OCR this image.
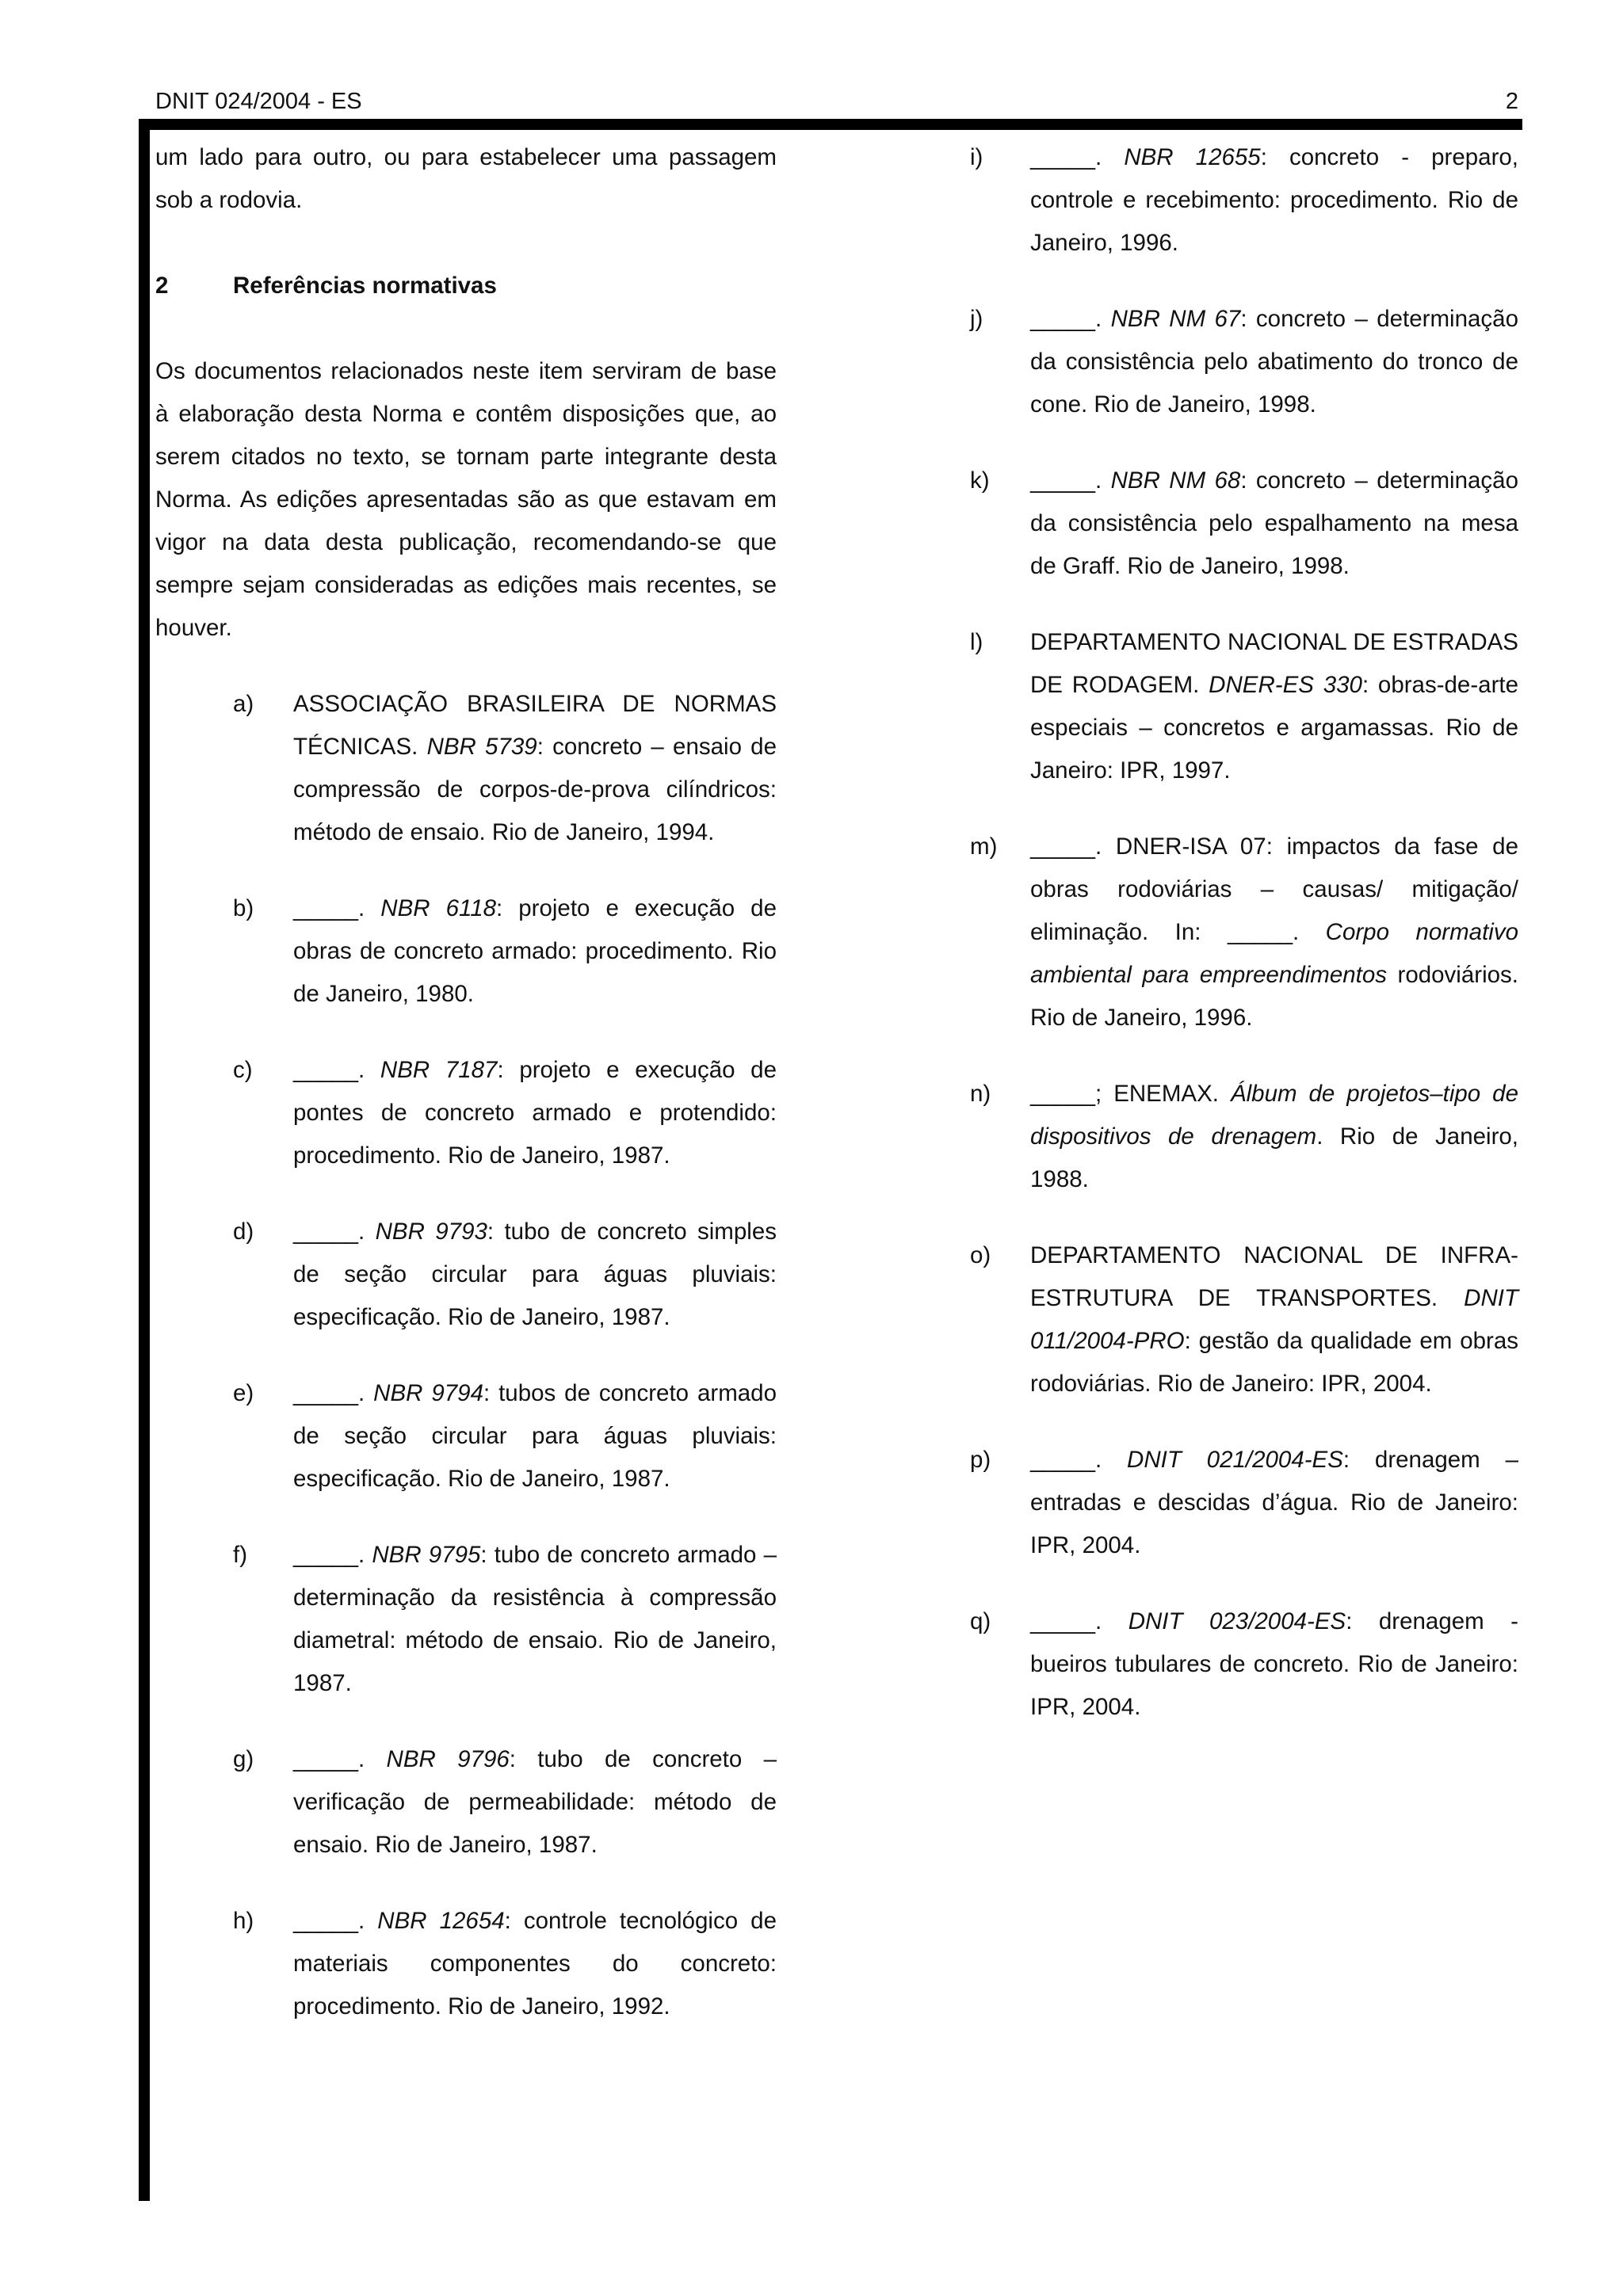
DNIT 024/2004 - ES	2

um lado para outro, ou para estabelecer uma passagem sob a rodovia.

2	Referências normativas

Os documentos relacionados neste item serviram de base à elaboração desta Norma e contêm disposições que, ao serem citados no texto, se tornam parte integrante desta Norma. As edições apresentadas são as que estavam em vigor na data desta publicação, recomendando-se que sempre sejam consideradas as edições mais recentes, se houver.

a)	ASSOCIAÇÃO BRASILEIRA DE NORMAS TÉCNICAS. NBR 5739: concreto – ensaio de compressão de corpos-de-prova cilíndricos: método de ensaio. Rio de Janeiro, 1994.
b)	_____. NBR 6118: projeto e execução de obras de concreto armado: procedimento. Rio de Janeiro, 1980.
c)	_____. NBR 7187: projeto e execução de pontes de concreto armado e protendido: procedimento. Rio de Janeiro, 1987.
d)	_____. NBR 9793: tubo de concreto simples de seção circular para águas pluviais: especificação. Rio de Janeiro, 1987.
e)	_____. NBR 9794: tubos de concreto armado de seção circular para águas pluviais: especificação. Rio de Janeiro, 1987.
f)	_____. NBR 9795: tubo de concreto armado – determinação da resistência à compressão diametral: método de ensaio. Rio de Janeiro, 1987.
g)	_____. NBR 9796: tubo de concreto – verificação de permeabilidade: método de ensaio. Rio de Janeiro, 1987.
h)	_____. NBR 12654: controle tecnológico de materiais componentes do concreto: procedimento. Rio de Janeiro, 1992.
i)	_____. NBR 12655: concreto - preparo, controle e recebimento: procedimento. Rio de Janeiro, 1996.
j)	_____. NBR NM 67: concreto – determinação da consistência pelo abatimento do tronco de cone. Rio de Janeiro, 1998.
k)	_____. NBR NM 68: concreto – determinação da consistência pelo espalhamento na mesa de Graff. Rio de Janeiro, 1998.
l)	DEPARTAMENTO NACIONAL DE ESTRADAS DE RODAGEM. DNER-ES 330: obras-de-arte especiais – concretos e argamassas. Rio de Janeiro: IPR, 1997.
m)	_____. DNER-ISA 07: impactos da fase de obras rodoviárias – causas/ mitigação/ eliminação. In: _____. Corpo normativo ambiental para empreendimentos rodoviários. Rio de Janeiro, 1996.
n)	_____; ENEMAX. Álbum de projetos–tipo de dispositivos de drenagem. Rio de Janeiro, 1988.
o)	DEPARTAMENTO NACIONAL DE INFRA-ESTRUTURA DE TRANSPORTES. DNIT 011/2004-PRO: gestão da qualidade em obras rodoviárias. Rio de Janeiro: IPR, 2004.
p)	_____. DNIT 021/2004-ES: drenagem – entradas e descidas d’água. Rio de Janeiro: IPR, 2004.
q)	_____. DNIT 023/2004-ES: drenagem - bueiros tubulares de concreto. Rio de Janeiro: IPR, 2004.
